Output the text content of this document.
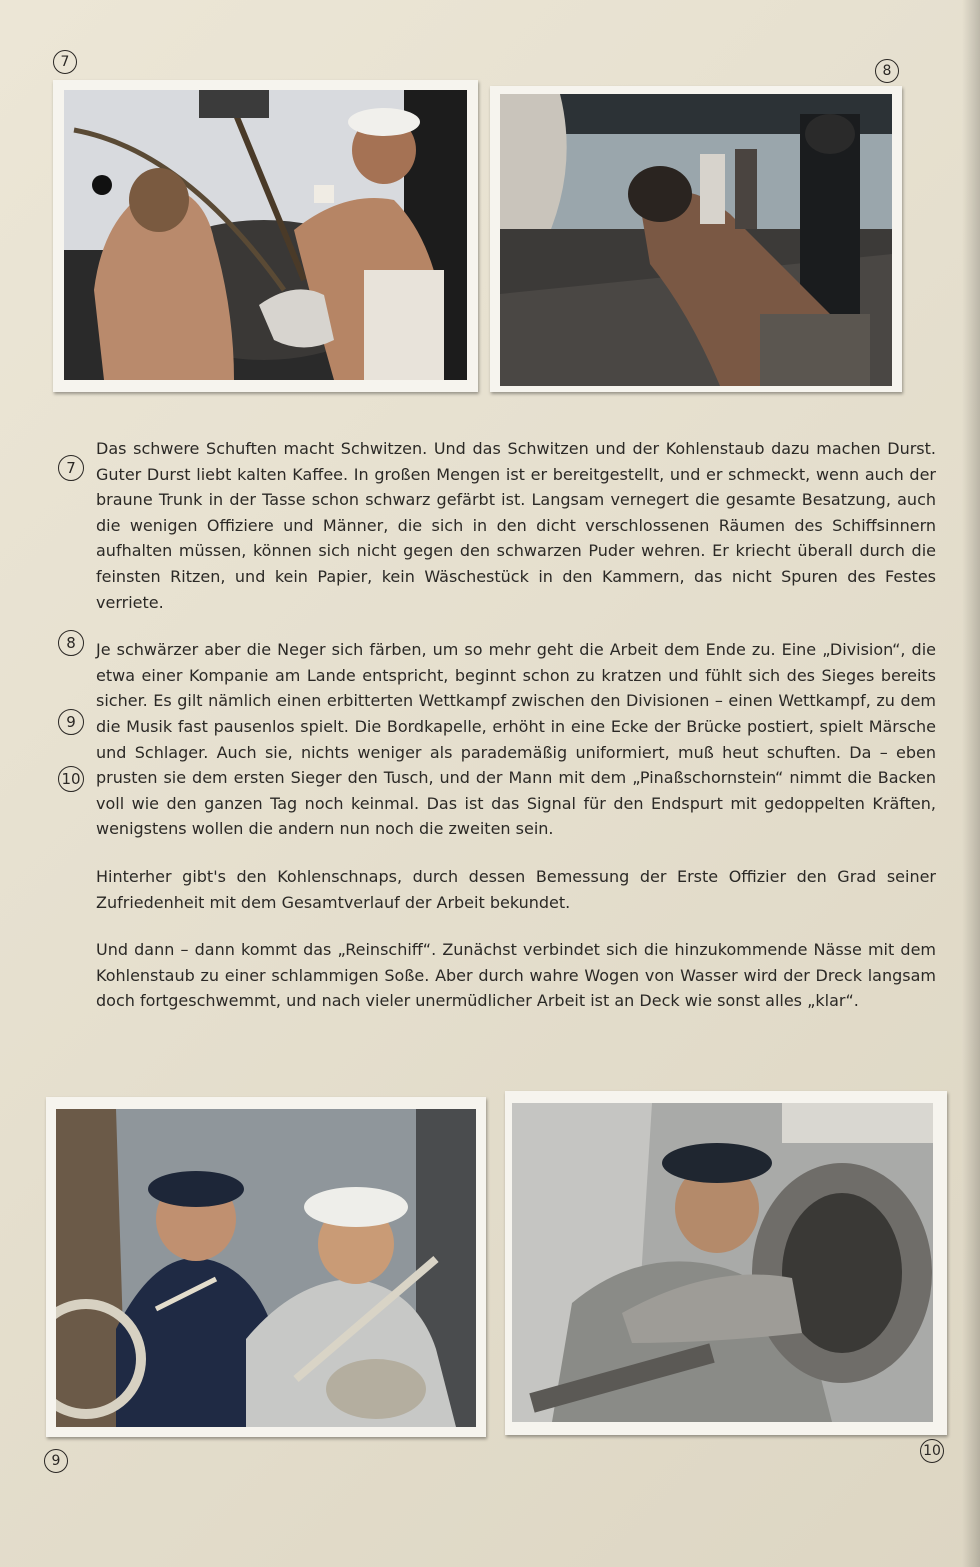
7
8
9
10
7
8
9
10

Das schwere Schuften macht Schwitzen. Und das Schwitzen und der Kohlenstaub dazu machen Durst. Guter Durst liebt kalten Kaffee. In großen Mengen ist er bereitgestellt, und er schmeckt, wenn auch der braune Trunk in der Tasse schon schwarz gefärbt ist. Langsam vernegert die gesamte Besatzung, auch die wenigen Offiziere und Männer, die sich in den dicht verschlossenen Räumen des Schiffsinnern aufhalten müssen, können sich nicht gegen den schwarzen Puder wehren. Er kriecht überall durch die feinsten Ritzen, und kein Papier, kein Wäschestück in den Kammern, das nicht Spuren des Festes verriete.

Je schwärzer aber die Neger sich färben, um so mehr geht die Arbeit dem Ende zu. Eine „Division“, die etwa einer Kompanie am Lande entspricht, beginnt schon zu kratzen und fühlt sich des Sieges bereits sicher. Es gilt nämlich einen erbitterten Wettkampf zwischen den Divisionen – einen Wettkampf, zu dem die Musik fast pausenlos spielt. Die Bordkapelle, erhöht in eine Ecke der Brücke postiert, spielt Märsche und Schlager. Auch sie, nichts weniger als parademäßig uniformiert, muß heut schuften. Da – eben prusten sie dem ersten Sieger den Tusch, und der Mann mit dem „Pinaßschornstein“ nimmt die Backen voll wie den ganzen Tag noch keinmal. Das ist das Signal für den Endspurt mit gedoppelten Kräften, wenigstens wollen die andern nun noch die zweiten sein.

Hinterher gibt's den Kohlenschnaps, durch dessen Bemessung der Erste Offizier den Grad seiner Zufriedenheit mit dem Gesamtverlauf der Arbeit bekundet.

Und dann – dann kommt das „Reinschiff“. Zunächst verbindet sich die hinzukommende Nässe mit dem Kohlenstaub zu einer schlammigen Soße. Aber durch wahre Wogen von Wasser wird der Dreck langsam doch fortgeschwemmt, und nach vieler unermüdlicher Arbeit ist an Deck wie sonst alles „klar“.
